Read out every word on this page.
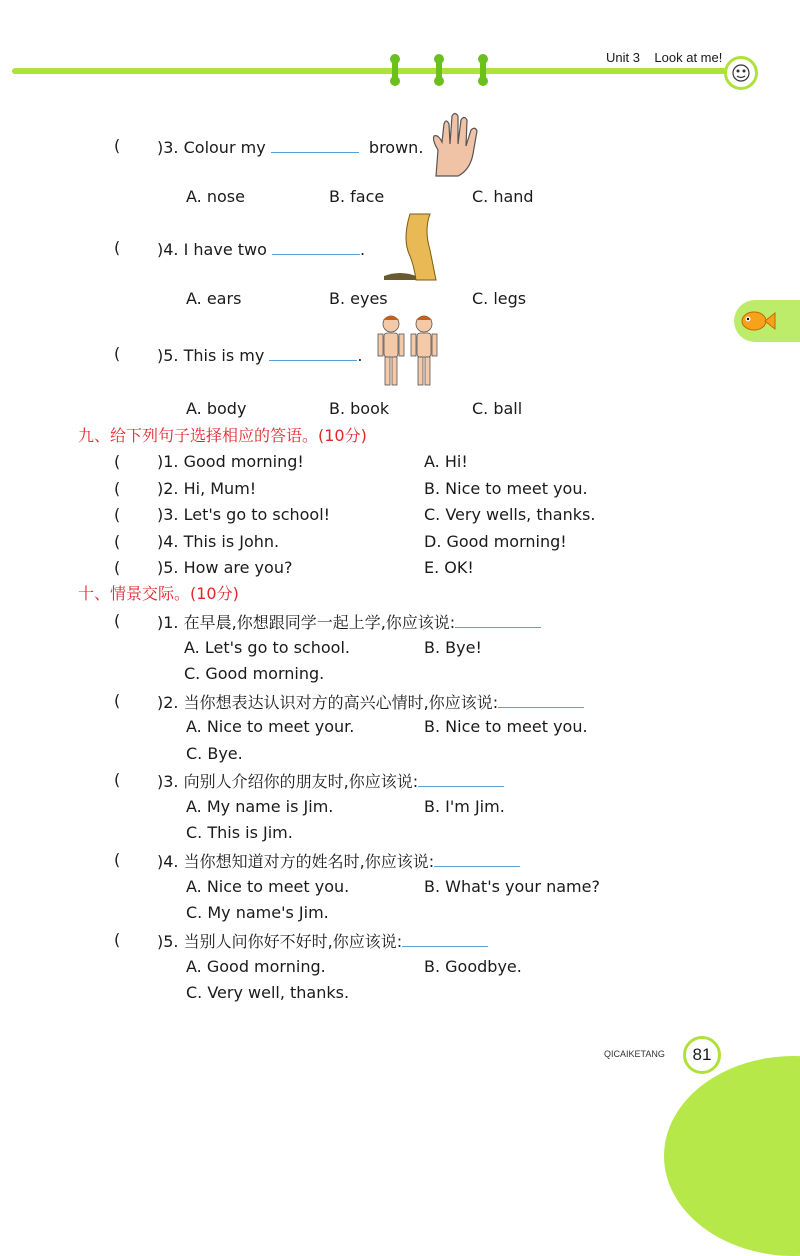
Unit 3 Look at me!
( )3. Colour my	brown.
A. nose	B. face	C. hand
( )4. I have two	.
A. ears	B. eyes	C. legs
( )5. This is my	.
A. body	B. book	C. ball
九、给下列句子选择相应的答语。(10分)
( )1. Good morning!	A. Hi!
( )2. Hi, Mum!	B. Nice to meet you.
( )3. Let's go to school!	C. Very wells, thanks.
( )4. This is John.	D. Good morning!
( )5. How are you?	E. OK!
十、情景交际。(10分)
( )1. 在早晨,你想跟同学一起上学,你应该说:
A. Let's go to school.	B. Bye!
C. Good morning.
( )2. 当你想表达认识对方的高兴心情时,你应该说:
A. Nice to meet your.	B. Nice to meet you.
C. Bye.
( )3. 向别人介绍你的朋友时,你应该说:
A. My name is Jim.	B. I'm Jim.
C. This is Jim.
( )4. 当你想知道对方的姓名时,你应该说:
A. Nice to meet you.	B. What's your name?
C. My name's Jim.
( )5. 当别人问你好不好时,你应该说:
A. Good morning.	B. Goodbye.
C. Very well, thanks.
QICAIKETANG	81
